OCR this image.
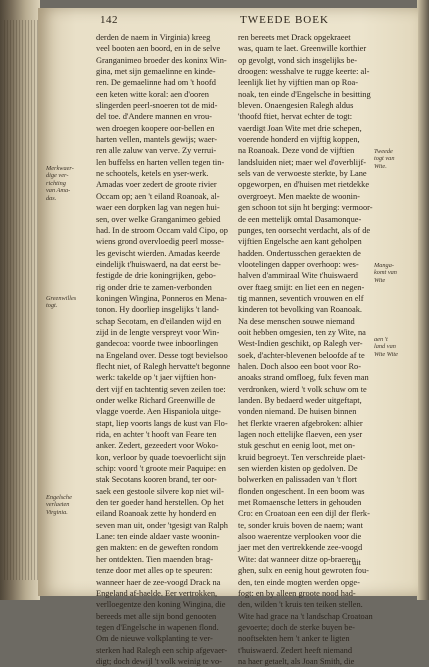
142	TWEEDE BOEK

derden de naem in Virginia) kreeg

veel booten aen boord, en in de selve

Granganimeo broeder des koninx Win-

gina, met sijn gemaelinne en kinde-

ren. De gemaelinne had om 't hoofd

een keten witte koral: aen d'ooren

slingerden peerl-snoeren tot de mid-

del toe. d'Andere mannen en vrou-

wen droegen koopere oor-bellen en

harten vellen, mantels gewijs; waer-

ren alle zaluw van verve. Zy verrui-

len buffelss en harten vellen tegen tin-

ne schootels, ketels en yser-werk.

Amadas voer zedert de groote rivier

Occam op; aen 't eiland Roanoak, al-

waer een dorpken lag van negen hui-

sen, over welke Granganimeo gebied

had. In de stroom Occam vald Cipo, op

wiens grond overvloedig peerl mosse-

les gevischt wierden. Amadas keerde

eindelijk t'huiswaerd, na dat eerst be-

festigde de drie koningrijken, gebo-

rig onder drie te zamen-verbonden

koningen Wingina, Ponneros en Mena-

tonon. Hy doorliep insgelijks 't land-

schap Secotam, en d'eilanden wijd en

zijd in de lengte verspreyt voor Win-

gandecoa: voorde twee inboorlingen

na Engeland over. Desse togt bevielsoo

flecht niet, of Ralegh hervatte't begonne

werk: takelde op 't jaer vijftien hon-

dert vijf en tachtentig seven zeilen toe:

onder welke Richard Greenwille de

vlagge voerde. Aen Hispaniola uitge-

stapt, liep voorts langs de kust van Flo-

rida, en achter 't hooft van Feare ten

anker. Zedert, gezeedert voor Woko-

kon, verloor by quade toevoerlicht sijn

schip: voord 't groote meir Paquipe: en

stak Secotans kooren brand, ter oor-

saek een gestoole silvere kop niet wil-

den ter goeder hand herstellen. Op het

eiland Roanoak zette hy honderd en

seven man uit, onder 'tgesigt van Ralph

Lane: ten einde aldaer vaste woonin-

gen makten: en de geweften rondom

her ontdekten. Tien maenden brag-

tenze door met alles op te speuren:

wanneer haer de zee-voogd Drack na

Engeland af-haelde. Eer vertrokken,

verlloegentze den koning Wingina, die

bereeds met alle sijn bond genooten

tegen d'Engelsche in wapenen flond.

Om de nieuwe volkplanting te ver-

sterken had Ralegh een schip afgevaer-

digt; doch dewijl 't volk weinig te vo-

ren bereets met Drack opgekraeet

was, quam te laet. Greenwille korthier

op gevolgt, vond sich insgelijks be-

droogen: wesshalve te rugge keerte: al-

leenlijk liet hy vijftien man op Roa-

noak, ten einde d'Engelsche in besitting

bleven. Onaengesien Ralegh aldus

'thoofd ftiet, hervat echter de togt:

vaerdigt Joan Wite met drie schepen,

voerende honderd en vijftig koppen,

na Roanoak. Deze vond de vijftien

landsluiden niet; maer wel d'overblijf-

sels van de verwoeste sterkte, by Lane

opgeworpen, en d'huisen met rietdekke

overgroeyt. Men maekte de woonin-

gen schoon tot sijn ht berging: vermoor-

de een mettelijk omtal Dasamonque-

punges, ten oorsecht verdacht, als of de

vijftien Engelsche aen kant geholpen

hadden. Ondertusschen geraekten de

vlootelingen dapper overhoop: wes-

halven d'ammiraal Wite t'huiswaerd

over ftaeg smijt: en liet een en negen-

tig mannen, seventich vrouwen en elf

kinderen tot bevolking van Roanoak.

Na dese menschen souwe niemand

ooit hebben omgesien, ten zy Wite, na

West-Indien geschikt, op Ralegh ver-

soek, d'achter-blevenen beloofde af te

halen. Doch alsoo een boot voor Ro-

anoaks strand omfloeg, fulx feven man

verdronken, wierd 't volk schuw om te

landen. By bedaerd weder uitgeftapt,

vonden niemand. De huisen binnen

het flerkte vraeren afgebroken: alhier

lagen noch ettelijke flaeven, een yser

stuk geschut en eenig loot, met on-

kruid begroeyt. Ten verschreide plaet-

sen wierden kisten op gedolven. De

bolwerken en palissaden van 't flort

flonden ongeschent. In een boom was

met Romaensche letters in gehouden

Cro: en Croatoan een een dijl der flerk-

te, sonder kruis boven de naem; want

alsoo waerentze verplooken voor die

jaer met den vertrekkende zee-voogd

Wite: dat wanneer ditze op-braeren

ghen, sulx en eenig hout gewroten fou-

den, ten einde mogten werden opge-

fogt: en by alleen groote nood had-

den, wilden 't kruis ten teiken stellen.

Wite had grace na 't landschap Croatoan

gevoerte; doch de sterke buyen be-

nooftsekten hem 't anker te ligten

t'huiswaerd. Zedert heeft niemand

na haer getaelt, als Joan Smith, die

Merkwaer-
dige ver-
richting
van Ama-
das.
Greenwilles
togt.
Engelsche
verlaeten
Virginia.
Tweede
togt van
Wite.
Manga-
komt van
Wite
aen 't
land van
Wite Wite
uit
